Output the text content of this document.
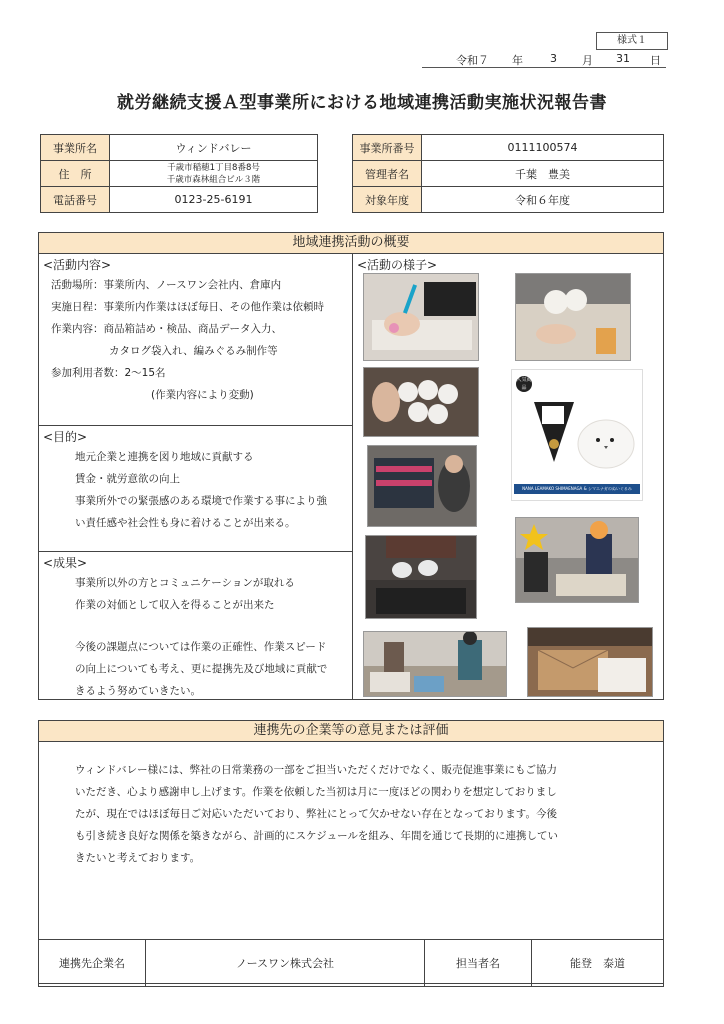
様式１
令和７ 年 3 月 31 日
就労継続支援Ａ型事業所における地域連携活動実施状況報告書
事業所名	ウィンドバレー
住　所	千歳市稲穂1丁目8番8号
千歳市森林組合ビル３階

電話番号	0123-25-6191
事業所番号	0111100574
管理者名	千葉　豊美
対象年度	令和６年度
地域連携活動の概要
<活動内容>
活動場所：事業所内、ノースワン会社内、倉庫内
実施日程：事業所内作業はほぼ毎日、その他作業は依頼時
作業内容：商品箱詰め・検品、商品データ入力、
カタログ袋入れ、編みぐるみ制作等
参加利用者数：2～15名
(作業内容により変動)
<目的>
地元企業と連携を図り地域に貢献する
賃金・就労意欲の向上
事業所外での緊張感のある環境で作業する事により強
い責任感や社会性も身に着けることが出来る。
<成果>
事業所以外の方とコミュニケーションが取れる
作業の対価として収入を得ることが出来た
今後の課題点については作業の正確性、作業スピード
の向上についても考え、更に提携先及び地域に貢献で
きるよう努めていきたい。
<活動の様子>
人気商品
NANA LEAMAKO SHIMAENAGA & シマエナガのぬいぐるみ
連携先の企業等の意見または評価

ウィンドバレー様には、弊社の日常業務の一部をご担当いただくだけでなく、販売促進事業にもご協力

いただき、心より感謝申し上げます。作業を依頼した当初は月に一度ほどの関わりを想定しておりまし

たが、現在ではほぼ毎日ご対応いただいており、弊社にとって欠かせない存在となっております。今後

も引き続き良好な関係を築きながら、計画的にスケジュールを組み、年間を通じて長期的に連携してい

きたいと考えております。

連携先企業名	ノースワン株式会社	担当者名	能登　泰道
